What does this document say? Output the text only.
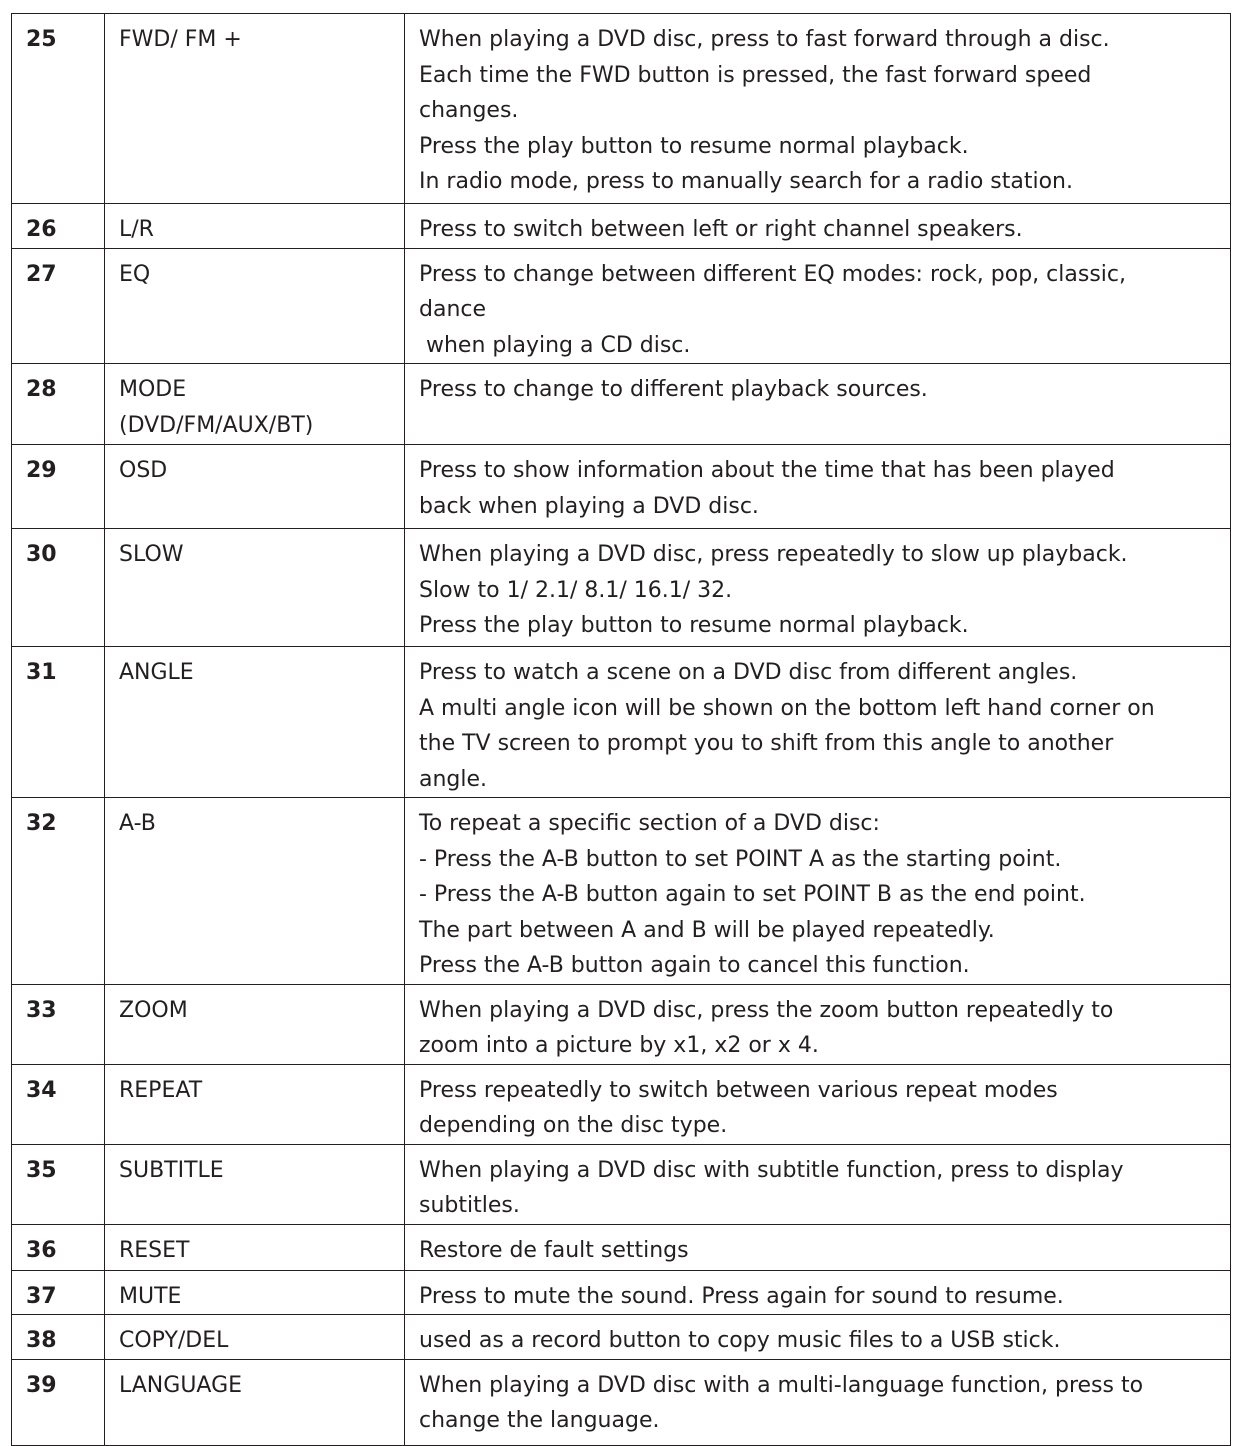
25	FWD/ FM +	When playing a DVD disc, press to fast forward through a disc.
Each time the FWD button is pressed, the fast forward speed
changes.
Press the play button to resume normal playback.
In radio mode, press to manually search for a radio station.

26	L/R	Press to switch between left or right channel speakers.

27	EQ	Press to change between different EQ modes: rock, pop, classic,
dance
when playing a CD disc.

28	MODE (DVD/FM/AUX/BT)	Press to change to different playback sources.

29	OSD	Press to show information about the time that has been played
back when playing a DVD disc.

30	SLOW	When playing a DVD disc, press repeatedly to slow up playback.
Slow to 1/ 2.1/ 8.1/ 16.1/ 32.
Press the play button to resume normal playback.

31	ANGLE	Press to watch a scene on a DVD disc from different angles.
A multi angle icon will be shown on the bottom left hand corner on
the TV screen to prompt you to shift from this angle to another
angle.

32	A-B	To repeat a specific section of a DVD disc:
- Press the A-B button to set POINT A as the starting point.
- Press the A-B button again to set POINT B as the end point.
The part between A and B will be played repeatedly.
Press the A-B button again to cancel this function.

33	ZOOM	When playing a DVD disc, press the zoom button repeatedly to
zoom into a picture by x1, x2 or x 4.

34	REPEAT	Press repeatedly to switch between various repeat modes
depending on the disc type.

35	SUBTITLE	When playing a DVD disc with subtitle function, press to display
subtitles.

36	RESET	Restore de fault settings

37	MUTE	Press to mute the sound. Press again for sound to resume.

38	COPY/DEL	used as a record button to copy music files to a USB stick.

39	LANGUAGE	When playing a DVD disc with a multi-language function, press to
change the language.
